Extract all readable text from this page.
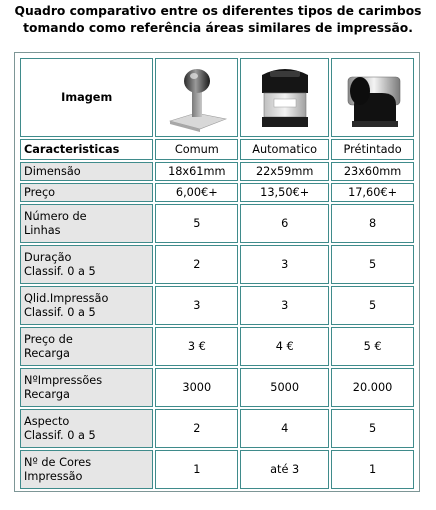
Quadro comparativo entre os diferentes tipos de carimbos
tomando como referência áreas similares de impressão.
Imagem	

Caracteristicas	Comum	Automatico	Prétintado
Dimensão	18x61mm	22x59mm	23x60mm
Preço	6,00€+	13,50€+	17,60€+
Número de
Linhas	5	6	8
Duração
Classif. 0 a 5	2	3	5
Qlid.Impressão
Classif. 0 a 5	3	3	5
Preço de
Recarga	3 €	4 €	5 €
NºImpressões
Recarga	3000	5000	20.000
Aspecto
Classif. 0 a 5	2	4	5
Nº de Cores
Impressão	1	até 3	1
